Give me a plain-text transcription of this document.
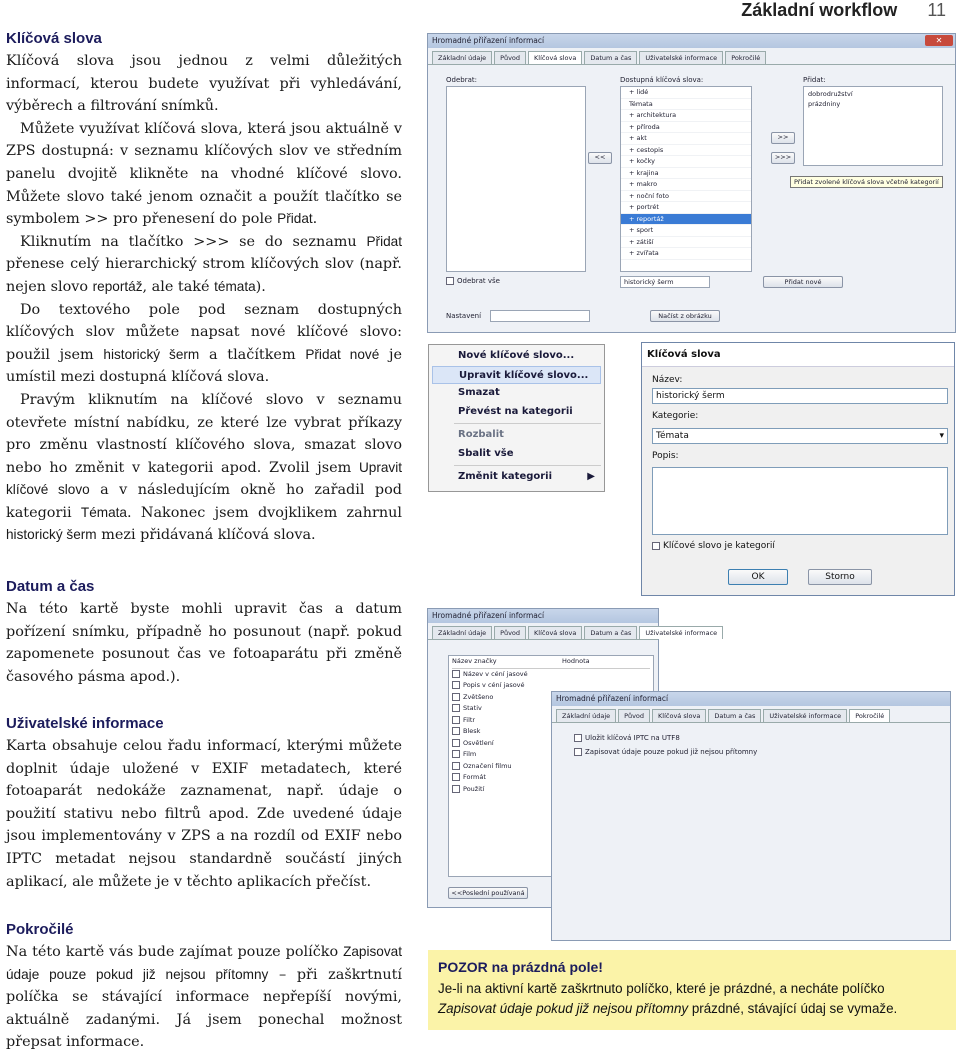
Základní workflow 11
Klíčová slova

Klíčová slova jsou jednou z velmi důležitých informací, kterou budete využívat při vyhledávání, výběrech a filtrování snímků.

Můžete využívat klíčová slova, která jsou aktuálně v ZPS dostupná: v seznamu klíčových slov ve středním panelu dvojitě klikněte na vhodné klíčové slovo. Můžete slovo také jenom označit a použít tlačítko se symbolem >> pro přenesení do pole Přidat.

Kliknutím na tlačítko >>> se do seznamu Přidat přenese celý hierarchický strom klíčových slov (např. nejen slovo reportáž, ale také témata).

Do textového pole pod seznam dostupných klíčových slov můžete napsat nové klíčové slovo: použil jsem historický šerm a tlačítkem Přidat nové je umístil mezi dostupná klíčová slova.

Pravým kliknutím na klíčové slovo v seznamu otevřete místní nabídku, ze které lze vybrat příkazy pro změnu vlastností klíčového slova, smazat slovo nebo ho změnit v kategorii apod. Zvolil jsem Upravit klíčové slovo a v následujícím okně ho zařadil pod kategorii Témata. Nakonec jsem dvojklikem zahrnul historický šerm mezi přidávaná klíčová slova.

Datum a čas

Na této kartě byste mohli upravit čas a datum pořízení snímku, případně ho posunout (např. pokud zapomenete posunout čas ve fotoaparátu při změně časového pásma apod.).

Uživatelské informace

Karta obsahuje celou řadu informací, kterými můžete doplnit údaje uložené v EXIF metadatech, které fotoaparát nedokáže zaznamenat, např. údaje o použití stativu nebo filtrů apod. Zde uvedené údaje jsou implementovány v ZPS a na rozdíl od EXIF nebo IPTC metadat nejsou standardně součástí jiných aplikací, ale můžete je v těchto aplikacích přečíst.

Pokročilé

Na této kartě vás bude zajímat pouze políčko Zapisovat údaje pouze pokud již nejsou přítomny – při zaškrtnutí políčka se stávající informace nepřepíší novými, aktuálně zadanými. Já jsem ponechal možnost přepsat informace.

Hromadné přiřazení informací	✕
Základní údaje	Původ	Klíčová slova	Datum a čas	Uživatelské informace	Pokročilé
Odebrat:	Dostupná klíčová slova:
+ lidé
Témata
+ architektura
+ příroda
+ akt
+ cestopis
+ kočky
+ krajina
+ makro
+ noční foto
+ portrét
+ reportáž
+ sport
+ zátiší
+ zvířata
<<
>>
>>>
Přidat zvolené klíčová slova včetně kategorií
Přidat:
dobrodružství
prázdniny
Odebrat vše	historický šerm	Přidat nové
Nastavení	Načíst z obrázku
Nové klíčové slovo...
Upravit klíčové slovo...
Smazat
Převést na kategorii
Rozbalit
Sbalit vše
Změnit kategorii	▶
Klíčová slova
Název:
historický šerm
Kategorie:
Témata	▾
Popis:
Klíčové slovo je kategorií
OK	Storno
Hromadné přiřazení informací
Základní údaje	Původ	Klíčová slova	Datum a čas	Uživatelské informace
Název značky	Hodnota
Název v céní jasové
Popis v céní jasové
Zvětšeno
Stativ
Filtr
Blesk
Osvětlení
Film
Označení filmu
Formát
Použití
<<Poslední používaná
Hromadné přiřazení informací
Základní údaje	Původ	Klíčová slova	Datum a čas	Uživatelské informace	Pokročilé
Uložit klíčová IPTC na UTF8
Zapisovat údaje pouze pokud již nejsou přítomny
POZOR na prázdná pole!
Je-li na aktivní kartě zaškrtnuto políčko, které je prázdné, a necháte políčko Zapisovat údaje pokud již nejsou přítomny prázdné, stávající údaj se vymaže.
